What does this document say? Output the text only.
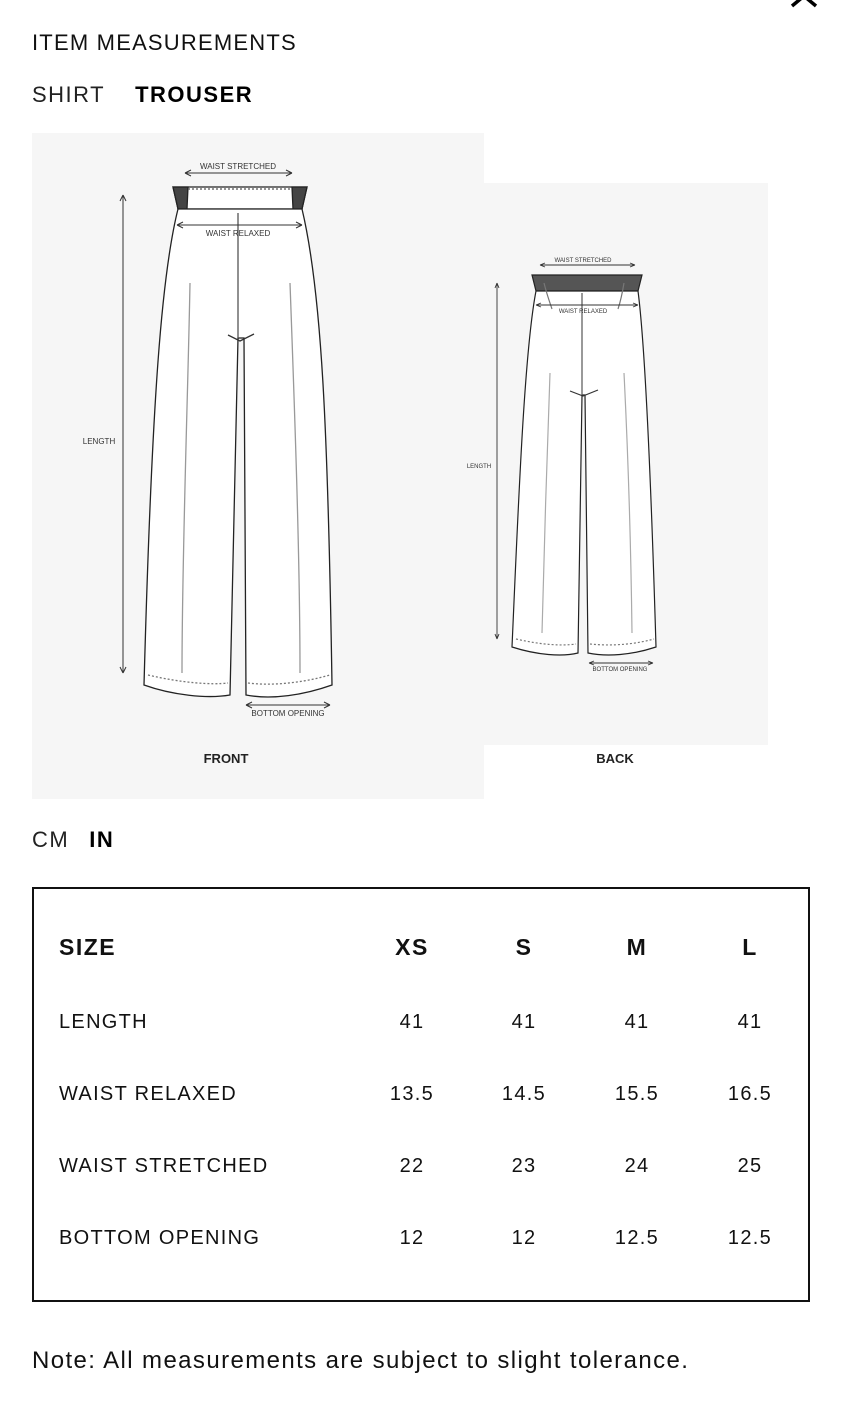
ITEM MEASUREMENTS
SHIRT TROUSER
WAIST STRETCHED
WAIST RELAXED
LENGTH
BOTTOM OPENING
FRONT
WAIST STRETCHED
WAIST RELAXED
LENGTH
BOTTOM OPENING
BACK
CM IN
SIZE	XS	S	M	L
LENGTH	41	41	41	41
WAIST RELAXED	13.5	14.5	15.5	16.5
WAIST STRETCHED	22	23	24	25
BOTTOM OPENING	12	12	12.5	12.5
Note: All measurements are subject to slight tolerance.
